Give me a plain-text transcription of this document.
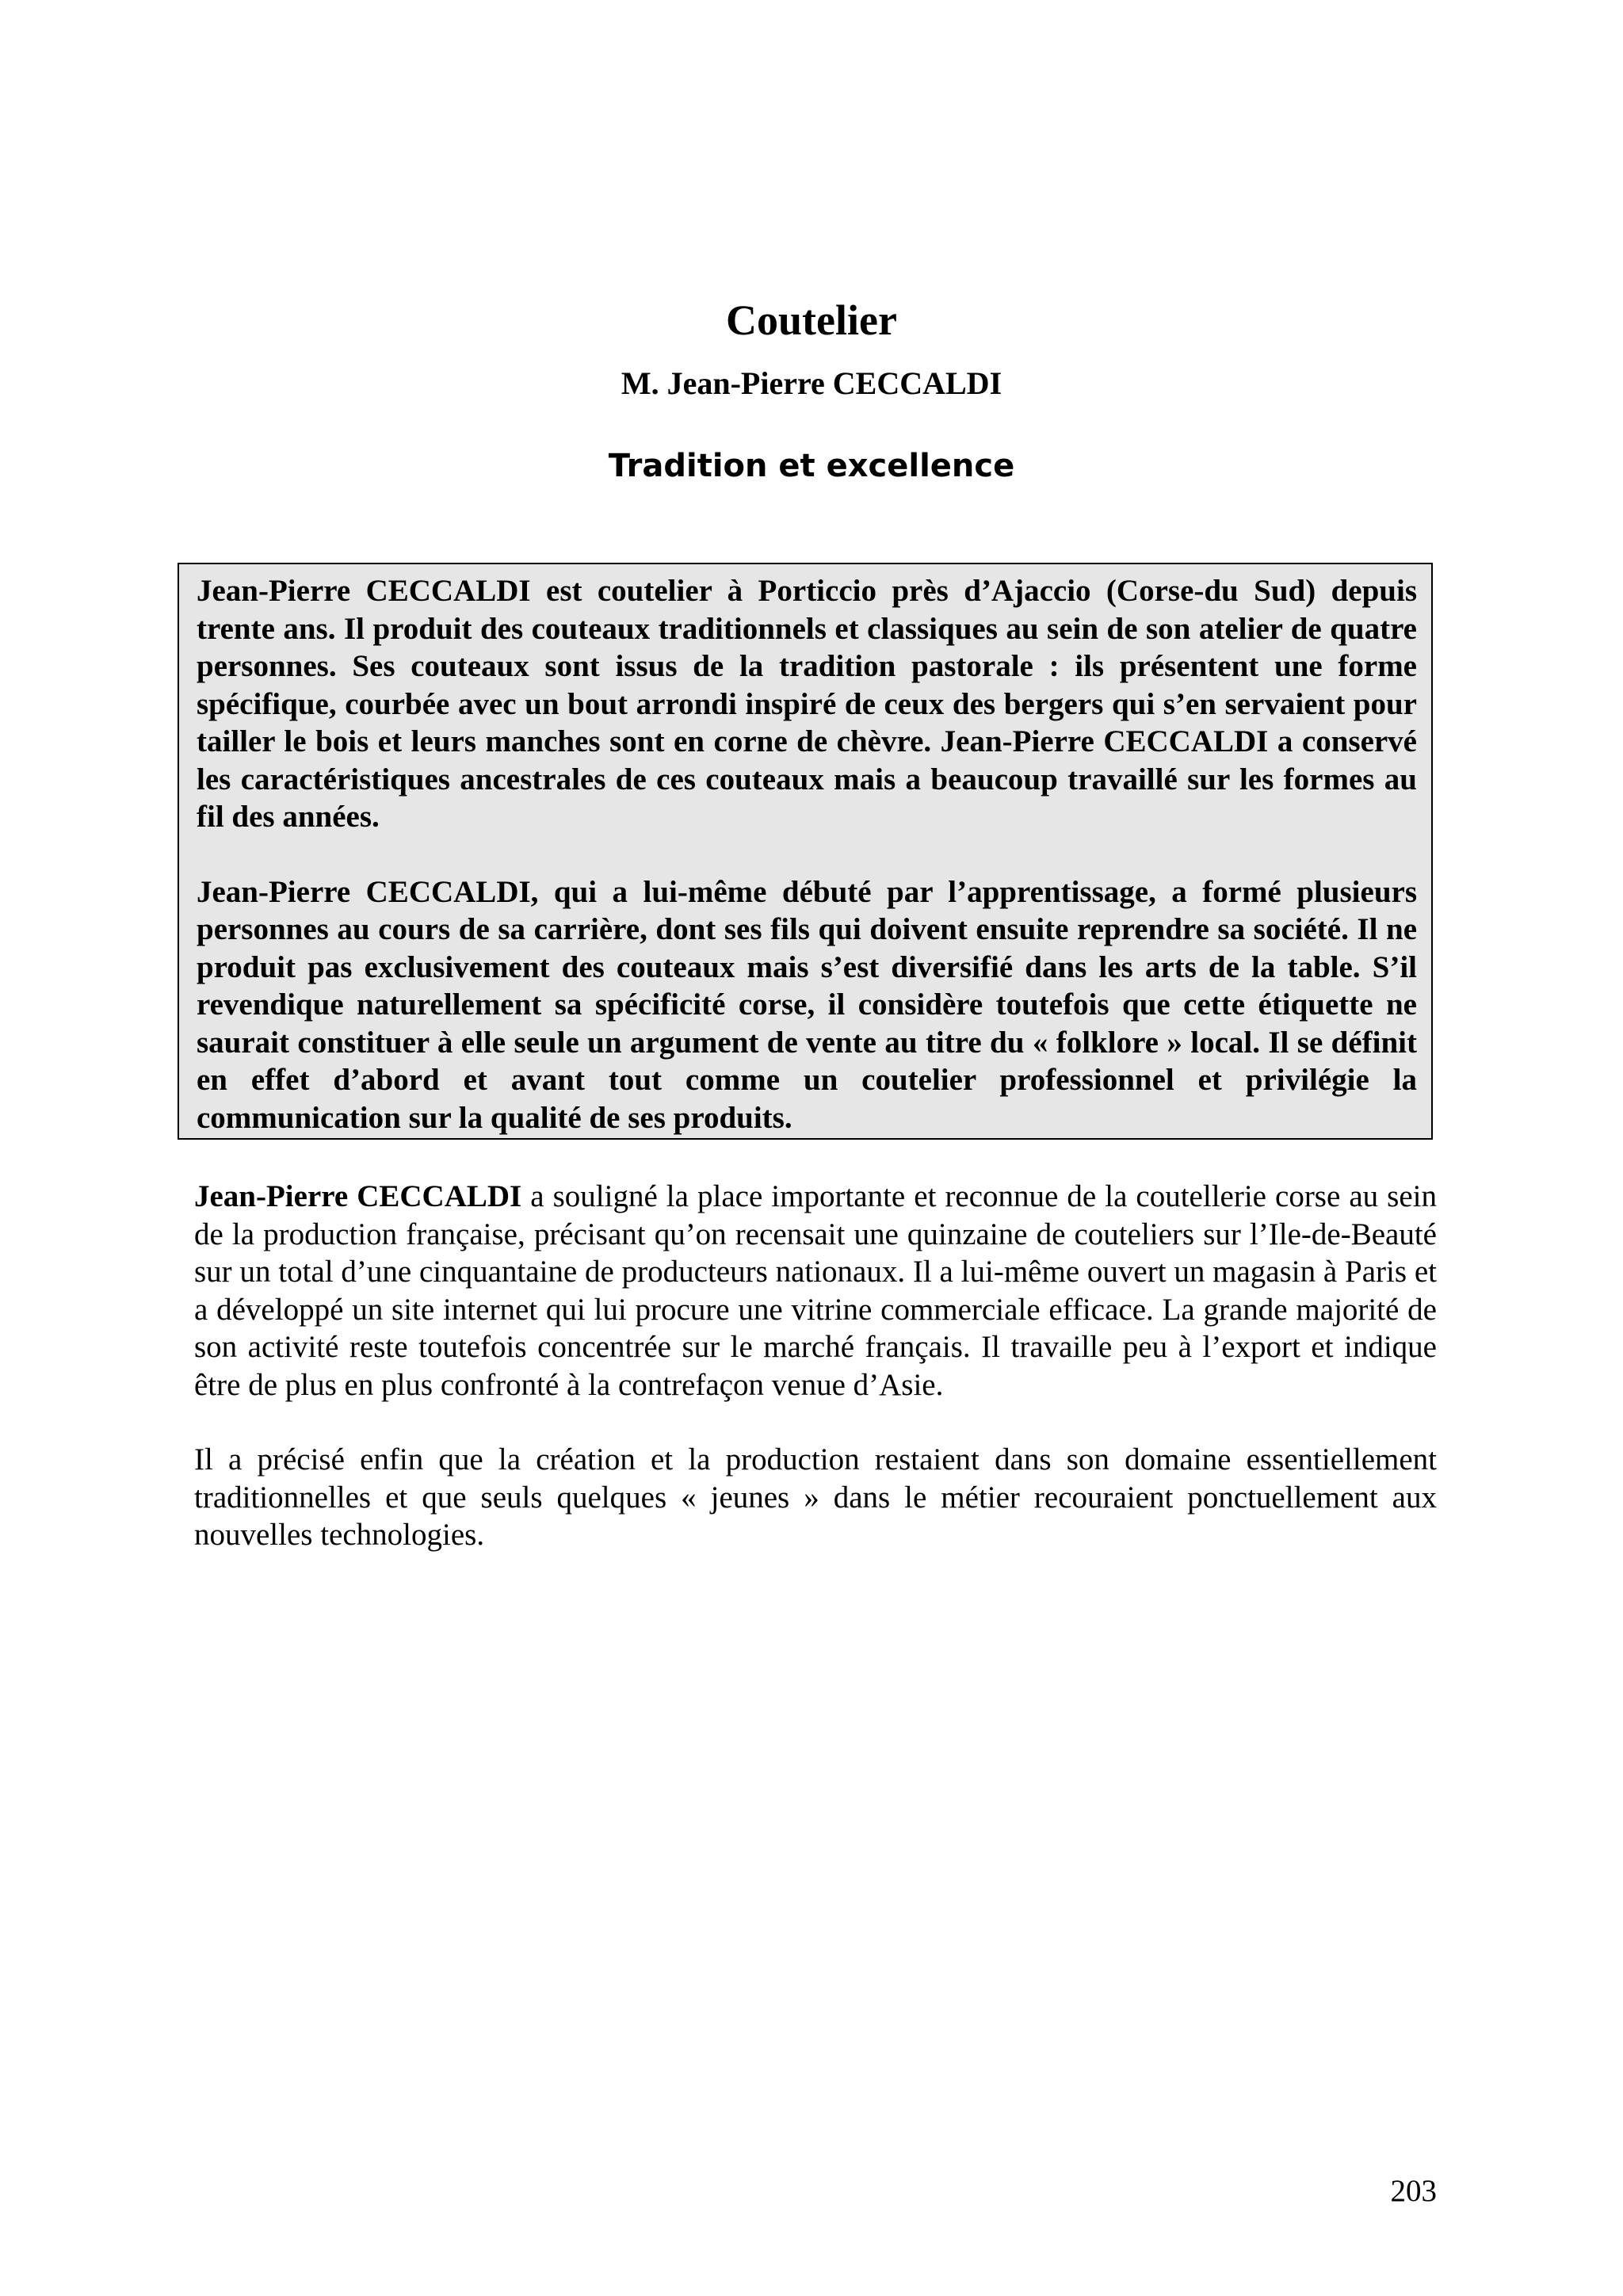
Coutelier
M. Jean-Pierre CECCALDI
Tradition et excellence

Jean-Pierre CECCALDI est coutelier à Porticcio près d’Ajaccio (Corse-du Sud) depuis trente ans. Il produit des couteaux traditionnels et classiques au sein de son atelier de quatre personnes. Ses couteaux sont issus de la tradition pastorale : ils présentent une forme spécifique, courbée avec un bout arrondi inspiré de ceux des bergers qui s’en servaient pour tailler le bois et leurs manches sont en corne de chèvre. Jean-Pierre CECCALDI a conservé les caractéristiques ancestrales de ces couteaux mais a beaucoup travaillé sur les formes au fil des années.

Jean-Pierre CECCALDI, qui a lui-même débuté par l’apprentissage, a formé plusieurs personnes au cours de sa carrière, dont ses fils qui doivent ensuite reprendre sa société. Il ne produit pas exclusivement des couteaux mais s’est diversifié dans les arts de la table. S’il revendique naturellement sa spécificité corse, il considère toutefois que cette étiquette ne saurait constituer à elle seule un argument de vente au titre du « folklore » local. Il se définit en effet d’abord et avant tout comme un coutelier professionnel et privilégie la communication sur la qualité de ses produits.

Jean-Pierre CECCALDI a souligné la place importante et reconnue de la coutellerie corse au sein de la production française, précisant qu’on recensait une quinzaine de couteliers sur l’Ile-de-Beauté sur un total d’une cinquantaine de producteurs nationaux. Il a lui-même ouvert un magasin à Paris et a développé un site internet qui lui procure une vitrine commerciale efficace. La grande majorité de son activité reste toutefois concentrée sur le marché français. Il travaille peu à l’export et indique être de plus en plus confronté à la contrefaçon venue d’Asie.

Il a précisé enfin que la création et la production restaient dans son domaine essentiellement traditionnelles et que seuls quelques « jeunes » dans le métier recouraient ponctuellement aux nouvelles technologies.

203
